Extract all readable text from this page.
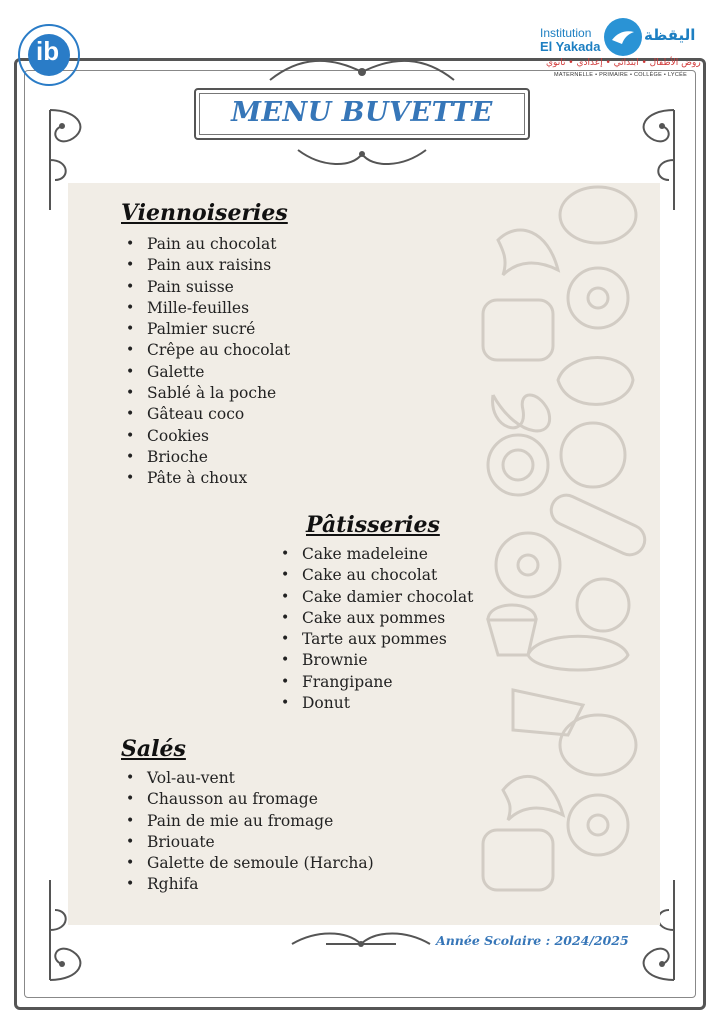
ib
Institution
El Yakada
اليقظة
روض الأطفال • ابتدائي • إعدادي • ثانوي
MATERNELLE • PRIMAIRE • COLLÈGE • LYCÉE
MENU BUVETTE
Viennoiseries
• Pain au chocolat
• Pain aux raisins
• Pain suisse
• Mille-feuilles
• Palmier sucré
• Crêpe au chocolat
• Galette
• Sablé à la poche
• Gâteau coco
• Cookies
• Brioche
• Pâte à choux
Pâtisseries
• Cake madeleine
• Cake au chocolat
• Cake damier chocolat
• Cake aux pommes
• Tarte aux pommes
• Brownie
• Frangipane
• Donut
Salés
• Vol-au-vent
• Chausson au fromage
• Pain de mie au fromage
• Briouate
• Galette de semoule (Harcha)
• Rghifa
Année Scolaire : 2024/2025
